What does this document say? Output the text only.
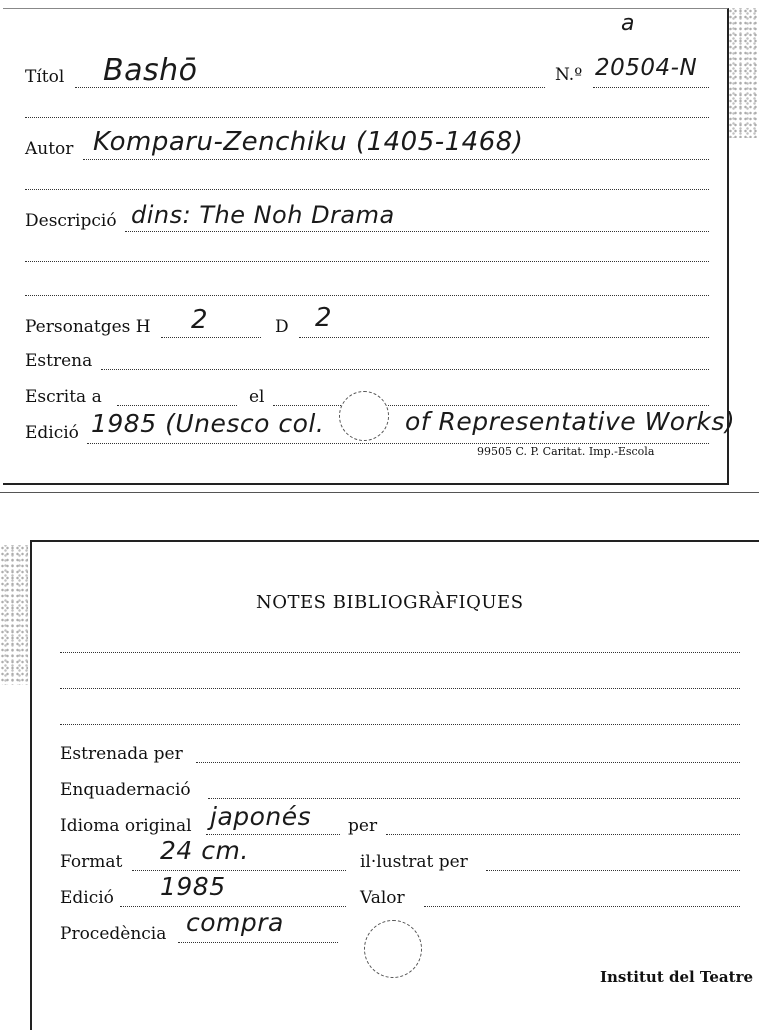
a
Títol Bashō	N.º 20504-N
Autor Komparu-Zenchiku (1405-1468)
Descripció dins: The Noh Drama
Personatges H 2	D 2
Estrena
Escrita a	el
Edició 1985 (Unesco col.	of Representative Works)
99505 C. P. Caritat. Imp.-Escola
NOTES BIBLIOGRÀFIQUES
Estrenada per
Enquadernació
Idioma original japonés per
Format 24 cm.	il·lustrat per
Edició 1985	Valor
Procedència compra
Institut del Teatre
